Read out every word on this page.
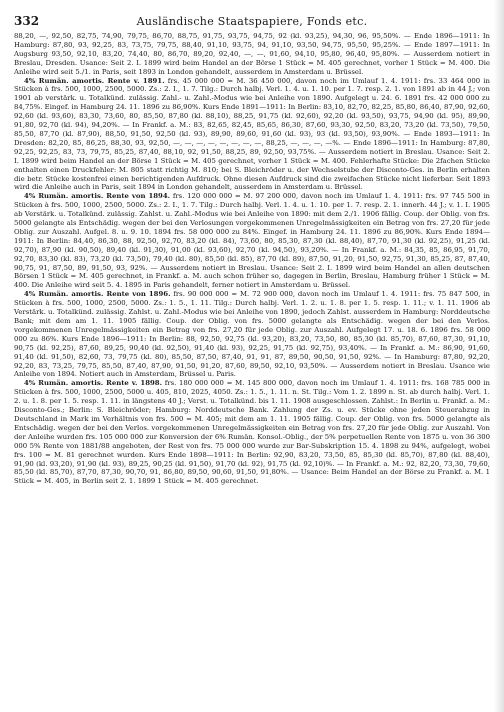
332	Ausländische Staatspapiere, Fonds etc.

88,20, —, 92,50, 82,75, 74,90, 79,75, 86,70, 88,75, 91,75, 93,75, 94,75, 92 (kl. 93,25), 94,30, 96, 95,50%. — Ende 1896—1911: In Hamburg: 87,80, 93, 92,25, 83, 73,75, 79,75, 88,40, 91,10, 93,75, 94, 91,10, 93,50, 94,75, 95,50, 95,25%. — Ende 1897—1911: In Augsburg 93,50, 92,10, 83,20, 74,40, 80, 86,70, 89,20, 92,40, —, —, 91,60, 94,10, 95,80, 96,40, 95,80%. — Ausserdem notiert in Breslau, Dresden. Usance: Seit 2. I. 1899 wird beim Handel an der Börse 1 Stück = M. 405 gerechnet, vorher 1 Stück = M. 400. Die Anleihe wird seit 5./1. in Paris, seit 1893 in London gehandelt, ausserdem in Amsterdam u. Brüssel.

4% Rumän. amortis. Rente v. 1891. frs. 45 000 000 = M. 36 450 000, davon noch im Umlauf 1. 4. 1911: frs. 33 464 000 in Stücken à frs. 500, 1000, 2500, 5000. Zs.: 2. I., 1. 7. Tilg.: Durch halbj. Verl. 1. 4. u. 1. 10. per 1. 7. resp. 2. 1. von 1891 ab in 44 J.; von 1901 ab verstärk. u. Totalkünd. zulässig. Zahl.- u. Zahl.-Modus wie bei Anleihe von 1890. Aufgelegt u. 24. 6. 1891 frs. 42 000 000 zu 84,75%. Eingef. in Hamburg 24. 11. 1896 zu 86,90%. Kurs Ende 1891—1911: In Berlin: 83,10, 82,70, 82,25, 85,80, 86,40, 87,90, 92,60, 92,60 (kl. 93,60), 83,30, 73,60, 80, 85,50, 87,80 (kl. 88,10), 88,25, 91,75 (kl. 92,60), 92,20 (kl. 93,50), 93,75, 94,90 (kl. 95), 89,90, 91,80, 92,70 (kl. 94), 94,20%. — In Frankf. a. M.: 83, 82,65, 82,45, 85,65, 86,30, 87,60, 93,30, 92,50, 83,20, 73,20 (kl. 73,50), 79,50, 85,50, 87,70 (kl. 87,90), 88,50, 91,50, 92,50 (kl. 93), 89,90, 89,60, 91,60 (kl. 93), 93 (kl. 93,50), 93,90%. — Ende 1893—1911: In Dresden: 82,20, 85, 86,25, 88,30, 93, 92,50, —, —, —, —, —, —, —, —, 88,25, —, —, —, —%. — Ende 1896—1911: In Hamburg: 87,80, 92,25, 92,25, 83, 73, 79,75, 85,25, 87,40, 88,10, 92, 91,50, 88,25, 89, 92,50, 93,75%. — Ausserdem notiert in Breslau. Usance: Seit 2. I. 1899 wird beim Handel an der Börse 1 Stück = M. 405 gerechnet, vorher 1 Stück = M. 400. Fehlerhafte Stücke: Die 2fachen Stücke enthalten einen Druckfehler: M. 805 statt richtig M. 810; bei S. Bleichröder u. der Wechselstube der Disconto-Ges. in Berlin erhalten die betr. Stücke kostenfrei einen berichtigenden Aufdruck. Ohne diesen Aufdruck sind die zweifachen Stücke nicht lieferbar. Seit 1893 wird die Anleihe auch in Paris, seit 1894 in London gehandelt, ausserdem in Amsterdam u. Brüssel.

4% Rumän. amortis. Rente von 1894. frs. 120 000 000 = M. 97 200 000, davon noch im Umlauf 1. 4. 1911: frs. 97 745 500 in Stücken à frs. 500, 1000, 2500, 5000. Zs.: 2. I., 1. 7. Tilg.: Durch halbj. Verl. 1. 4. u. 1. 10. per 1. 7. resp. 2. 1. innerh. 44 J.; v. 1. I. 1905 ab Verstärk. u. Totalkünd. zulässig. Zahlst. u. Zahl.-Modus wie bei Anleihe von 1890: mit dem 2./1. 1906 fällig. Coup. der Oblig. von frs. 5000 gelangte als Entschädig. wegen der bei den Verlosungen vorgekommenen Unregelmässigkeiten ein Betrag von frs. 27,20 für jede Oblig. zur Auszahl. Aufgel. 8. u. 9. 10. 1894 frs. 58 000 000 zu 84%. Eingef. in Hamburg 24. 11. 1896 zu 86,90%. Kurs Ende 1894—1911: In Berlin: 84,40, 86,30, 88, 92,50, 92,70, 83,20 (kl. 84), 73,60, 80, 85,30, 87,30 (kl. 88,40), 87,70, 91,30 (kl. 92,25), 91,25 (kl. 92,70), 87,90 (kl. 90,50), 89,40 (kl. 91,30), 91,00 (kl. 93,60), 92,70 (kl. 94,50), 93,20%. — In Frankf. a. M.: 84,35, 85, 86,95, 91,70, 92,70, 83,30 (kl. 83), 73,20 (kl. 73,50), 79,40 (kl. 80), 85,50 (kl. 85), 87,70 (kl. 89), 87,50, 91,20, 91,50, 92,75, 91,30, 85,25, 87, 87,40, 90,75, 91, 87,50, 89, 91,50, 93, 92%. — Ausserdem notiert in Breslau. Usance: Seit 2. I. 1899 wird beim Handel an allen deutschen Börsen 1 Stück = M. 405 gerechnet, in Frankf. a. M. auch schon früher so, dagegen in Berlin, Breslau, Hamburg früher 1 Stück = M. 400. Die Anleihe wird seit 5. 4. 1895 in Paris gehandelt, ferner notiert in Amsterdam u. Brüssel.

4% Rumän. amortis. Rente von 1896. frs. 90 000 000 = M. 72 900 000, davon noch im Umlauf 1. 4. 1911: frs. 75 847 500, in Stücken à frs. 500, 1000, 2500, 5000. Zs.: 1. 5., 1. 11. Tilg.: Durch halbj. Verl. 1. 2. u. 1. 8. per 1. 5. resp. 1. 11.; v. 1. 11. 1906 ab Verstärk. u. Totalkünd. zulässig. Zahlst. u. Zahl.-Modus wie bei Anleihe von 1890, jedoch Zahlst. ausserdem in Hamburg: Norddeutsche Bank; mit dem am 1. 11. 1905 fällig. Coup. der Oblig. von frs. 5000 gelangte als Entschädig. wegen der bei den Verlos. vorgekommenen Unregelmässigkeiten ein Betrag von frs. 27,20 für jede Oblig. zur Auszahl. Aufgelegt 17. u. 18. 6. 1896 frs. 58 000 000 zu 86%. Kurs Ende 1896—1911: In Berlin: 88, 92,50, 92,75 (kl. 93,20), 83,20, 73,50, 80, 85,30 (kl. 85,70), 87,60, 87,30, 91,10, 90,75 (kl. 92,25), 87,60, 89,25, 90,40 (kl. 92,50), 91,40 (kl. 93), 92,25, 91,75 (kl. 92,75), 93,40%. — In Frankf. a. M.: 86,90, 91,60, 91,40 (kl. 91,50), 82,60, 73, 79,75 (kl. 80), 85,50, 87,50, 87,40, 91, 91, 87, 89,50, 90,50, 91,50, 92%. — In Hamburg: 87,80, 92,20, 92,20, 83, 73,25, 79,75, 85,50, 87,40, 87,90, 91,50, 91,20, 87,60, 89,50, 92,10, 93,50%. — Ausserdem notiert in Breslau. Usance wie Anleihe von 1894. Notiert auch in Amsterdam, Brüssel u. Paris.

4% Rumän. amortis. Rente v. 1898. frs. 180 000 000 = M. 145 800 000, davon noch im Umlauf 1. 4. 1911: frs. 168 785 000 in Stücken à frs. 500, 1000, 2500, 5000 u. 405, 810, 2025, 4050. Zs.: 1. 5., 1. 11. n. St. Tilg.: Vom 1. 2. 1899 n. St. ab durch halbj. Verl. 1. 2. u. 1. 8. per 1. 5. resp. 1. 11. in längstens 40 J.; Verst. u. Totalkünd. bis 1. 11. 1908 ausgeschlossen. Zahlst.: In Berlin u. Frankf. a. M.: Disconto-Ges.; Berlin: S. Bleichröder; Hamburg: Norddeutsche Bank. Zahlung der Zs. u. ev. Stücke ohne jeden Steuerabzug in Deutschland in Mark im Verhältnis von frs. 500 = M. 405; mit dem am 1. 11. 1905 fällig. Coup. der Oblig. von frs. 5000 gelangte als Entschädig. wegen der bei den Verlos. vorgekommenen Unregelmässigkeiten ein Betrag von frs. 27,20 für jede Oblig. zur Auszahl. Von der Anleihe wurden frs. 105 000 000 zur Konversion der 6% Rumän. Konsol.-Oblig., der 5% perpetuellen Rente von 1875 u. von 36 300 000 5% Rente von 1881/88 angeboten, der Rest von frs. 75 000 000 wurde zur Bar-Subskription 15. 4. 1898 zu 94%, aufgelegt, wobei frs. 100 = M. 81 gerechnet wurden. Kurs Ende 1898—1911: In Berlin: 92,90, 83,20, 73,50, 85, 85,30 (kl. 85,70), 87,80 (kl. 88,40), 91,90 (kl. 93,20), 91,90 (kl. 93), 89,25, 90,25 (kl. 91,50), 91,70 (kl. 92), 91,75 (kl. 92,10)%. — In Frankf. a. M.: 92, 82,20, 73,30, 79,60, 85,50 (kl. 85,70), 87,70, 87,30, 90,70, 91, 86,80, 89,50, 90,60, 91,50, 91,80%. — Usance: Beim Handel an der Börse zu Frankf. a. M. 1 Stück = M. 405, in Berlin seit 2. 1. 1899 1 Stück = M. 405 gerechnet.
